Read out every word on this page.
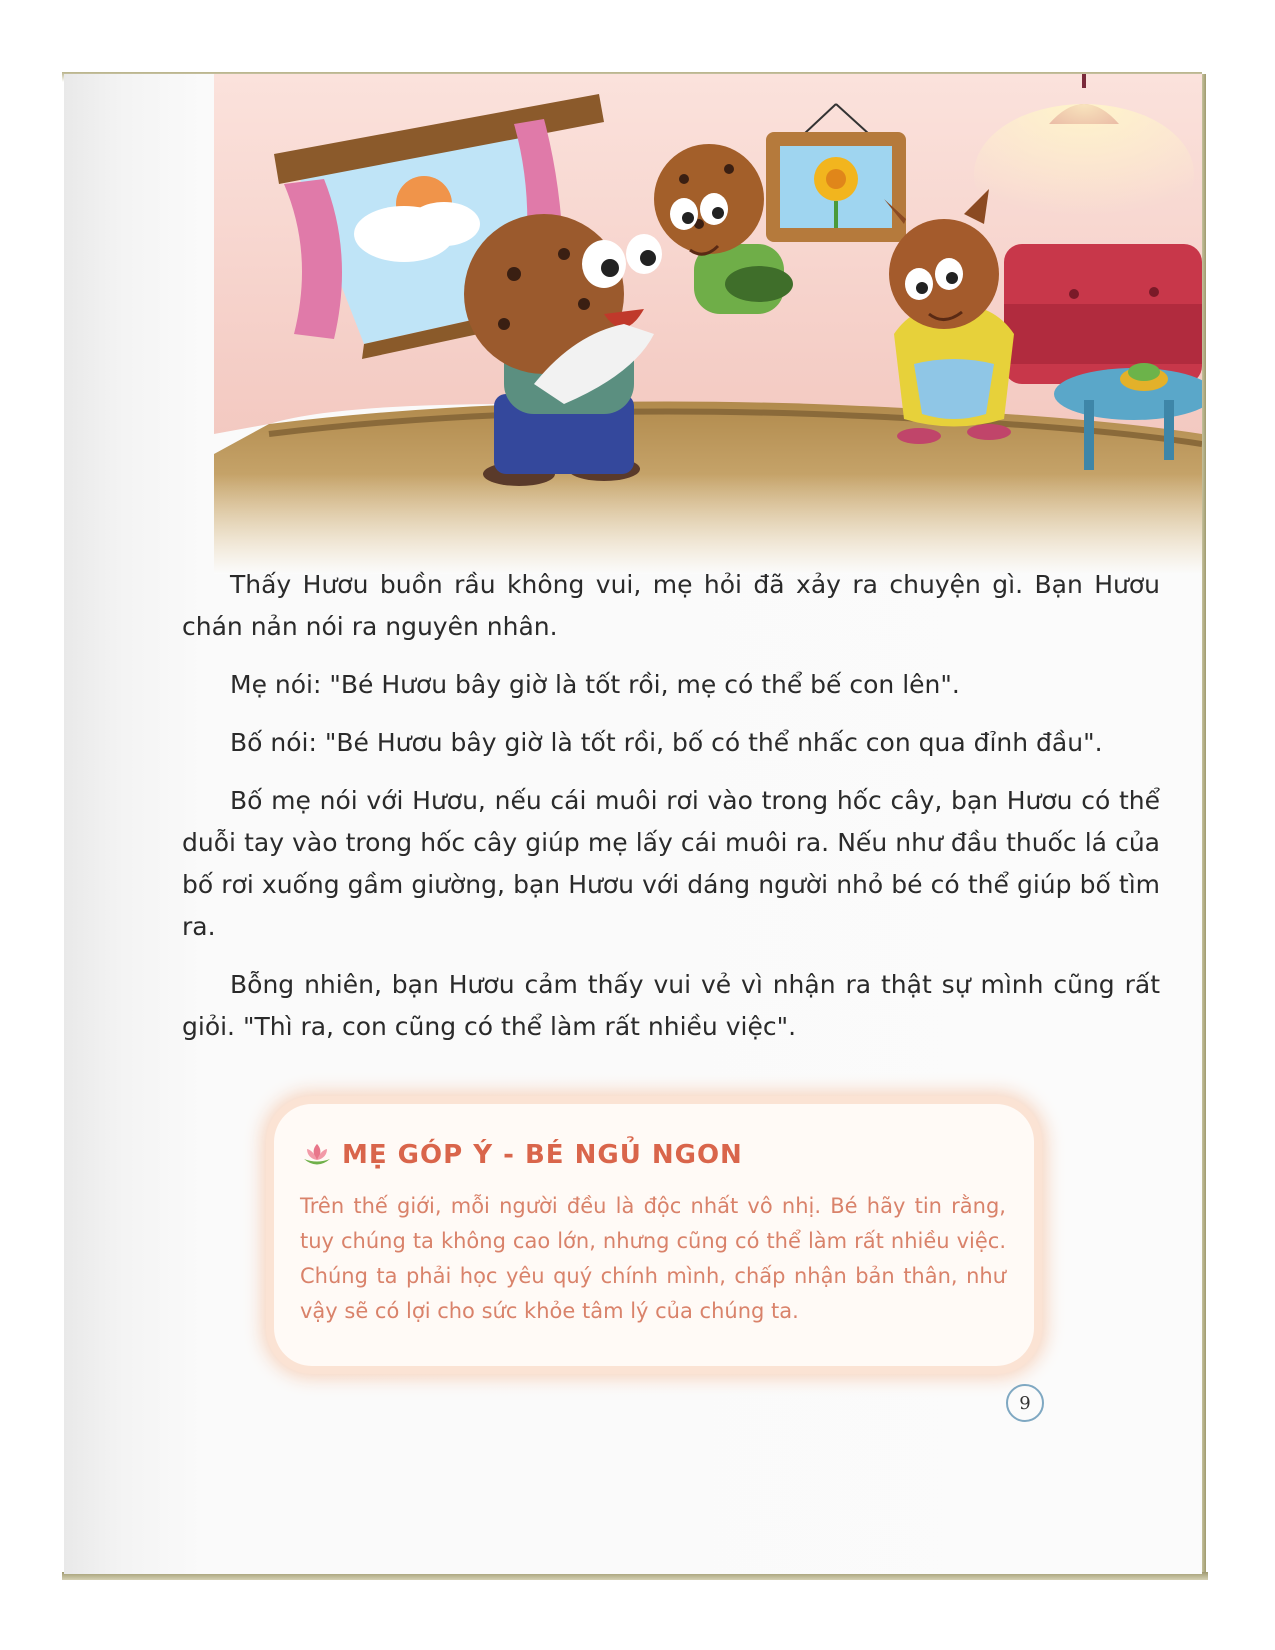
Thấy Hươu buồn rầu không vui, mẹ hỏi đã xảy ra chuyện gì. Bạn Hươu chán nản nói ra nguyên nhân.

Mẹ nói: "Bé Hươu bây giờ là tốt rồi, mẹ có thể bế con lên".

Bố nói: "Bé Hươu bây giờ là tốt rồi, bố có thể nhấc con qua đỉnh đầu".

Bố mẹ nói với Hươu, nếu cái muôi rơi vào trong hốc cây, bạn Hươu có thể duỗi tay vào trong hốc cây giúp mẹ lấy cái muôi ra. Nếu như đầu thuốc lá của bố rơi xuống gầm giường, bạn Hươu với dáng người nhỏ bé có thể giúp bố tìm ra.

Bỗng nhiên, bạn Hươu cảm thấy vui vẻ vì nhận ra thật sự mình cũng rất giỏi. "Thì ra, con cũng có thể làm rất nhiều việc".

MẸ GÓP Ý - BÉ NGỦ NGON
Trên thế giới, mỗi người đều là độc nhất vô nhị. Bé hãy tin rằng, tuy chúng ta không cao lớn, nhưng cũng có thể làm rất nhiều việc. Chúng ta phải học yêu quý chính mình, chấp nhận bản thân, như vậy sẽ có lợi cho sức khỏe tâm lý của chúng ta.
9
